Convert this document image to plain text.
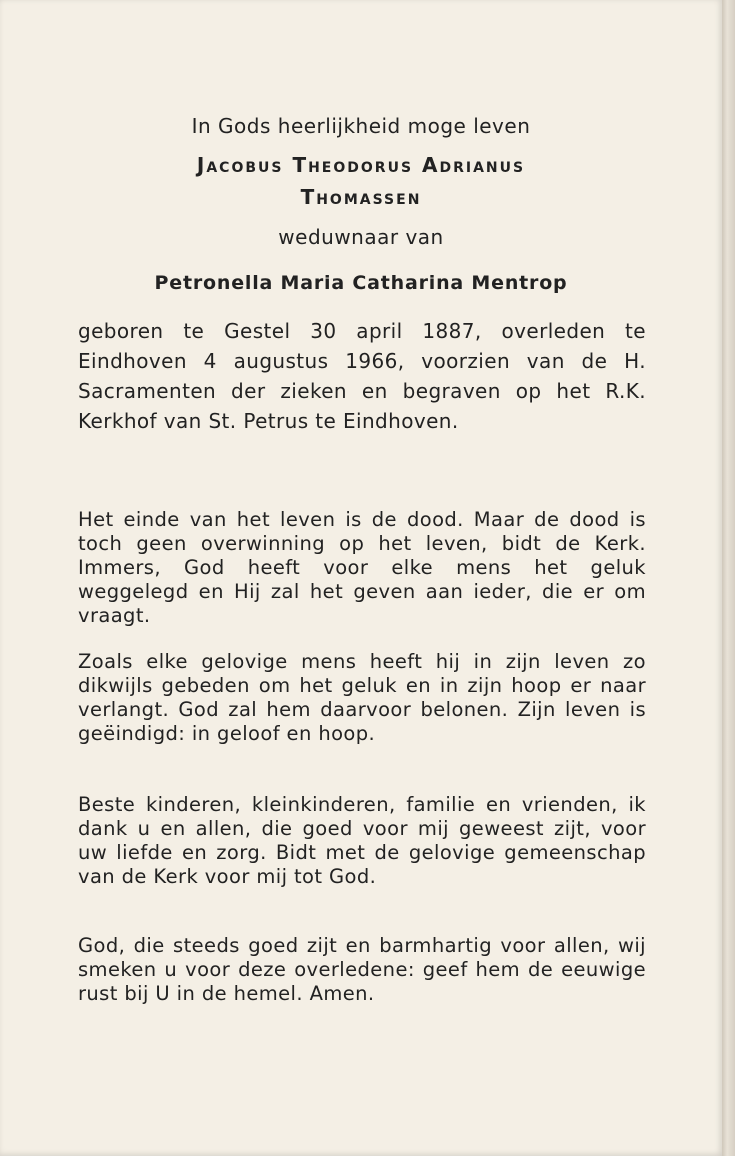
In Gods heerlijkheid moge leven
Jacobus Theodorus Adrianus
Thomassen
weduwnaar van
Petronella Maria Catharina Mentrop
geboren te Gestel 30 april 1887, overleden te Eindhoven 4 augustus 1966, voorzien van de H. Sacramenten der zieken en begraven op het R.K. Kerkhof van St. Petrus te Eindhoven.
Het einde van het leven is de dood. Maar de dood is toch geen overwinning op het leven, bidt de Kerk. Immers, God heeft voor elke mens het geluk weggelegd en Hij zal het geven aan ieder, die er om vraagt.
Zoals elke gelovige mens heeft hij in zijn leven zo dikwijls gebeden om het geluk en in zijn hoop er naar verlangt. God zal hem daarvoor belonen. Zijn leven is geëindigd: in geloof en hoop.
Beste kinderen, kleinkinderen, familie en vrienden, ik dank u en allen, die goed voor mij geweest zijt, voor uw liefde en zorg. Bidt met de gelovige gemeenschap van de Kerk voor mij tot God.
God, die steeds goed zijt en barmhartig voor allen, wij smeken u voor deze overledene: geef hem de eeuwige rust bij U in de hemel. Amen.
